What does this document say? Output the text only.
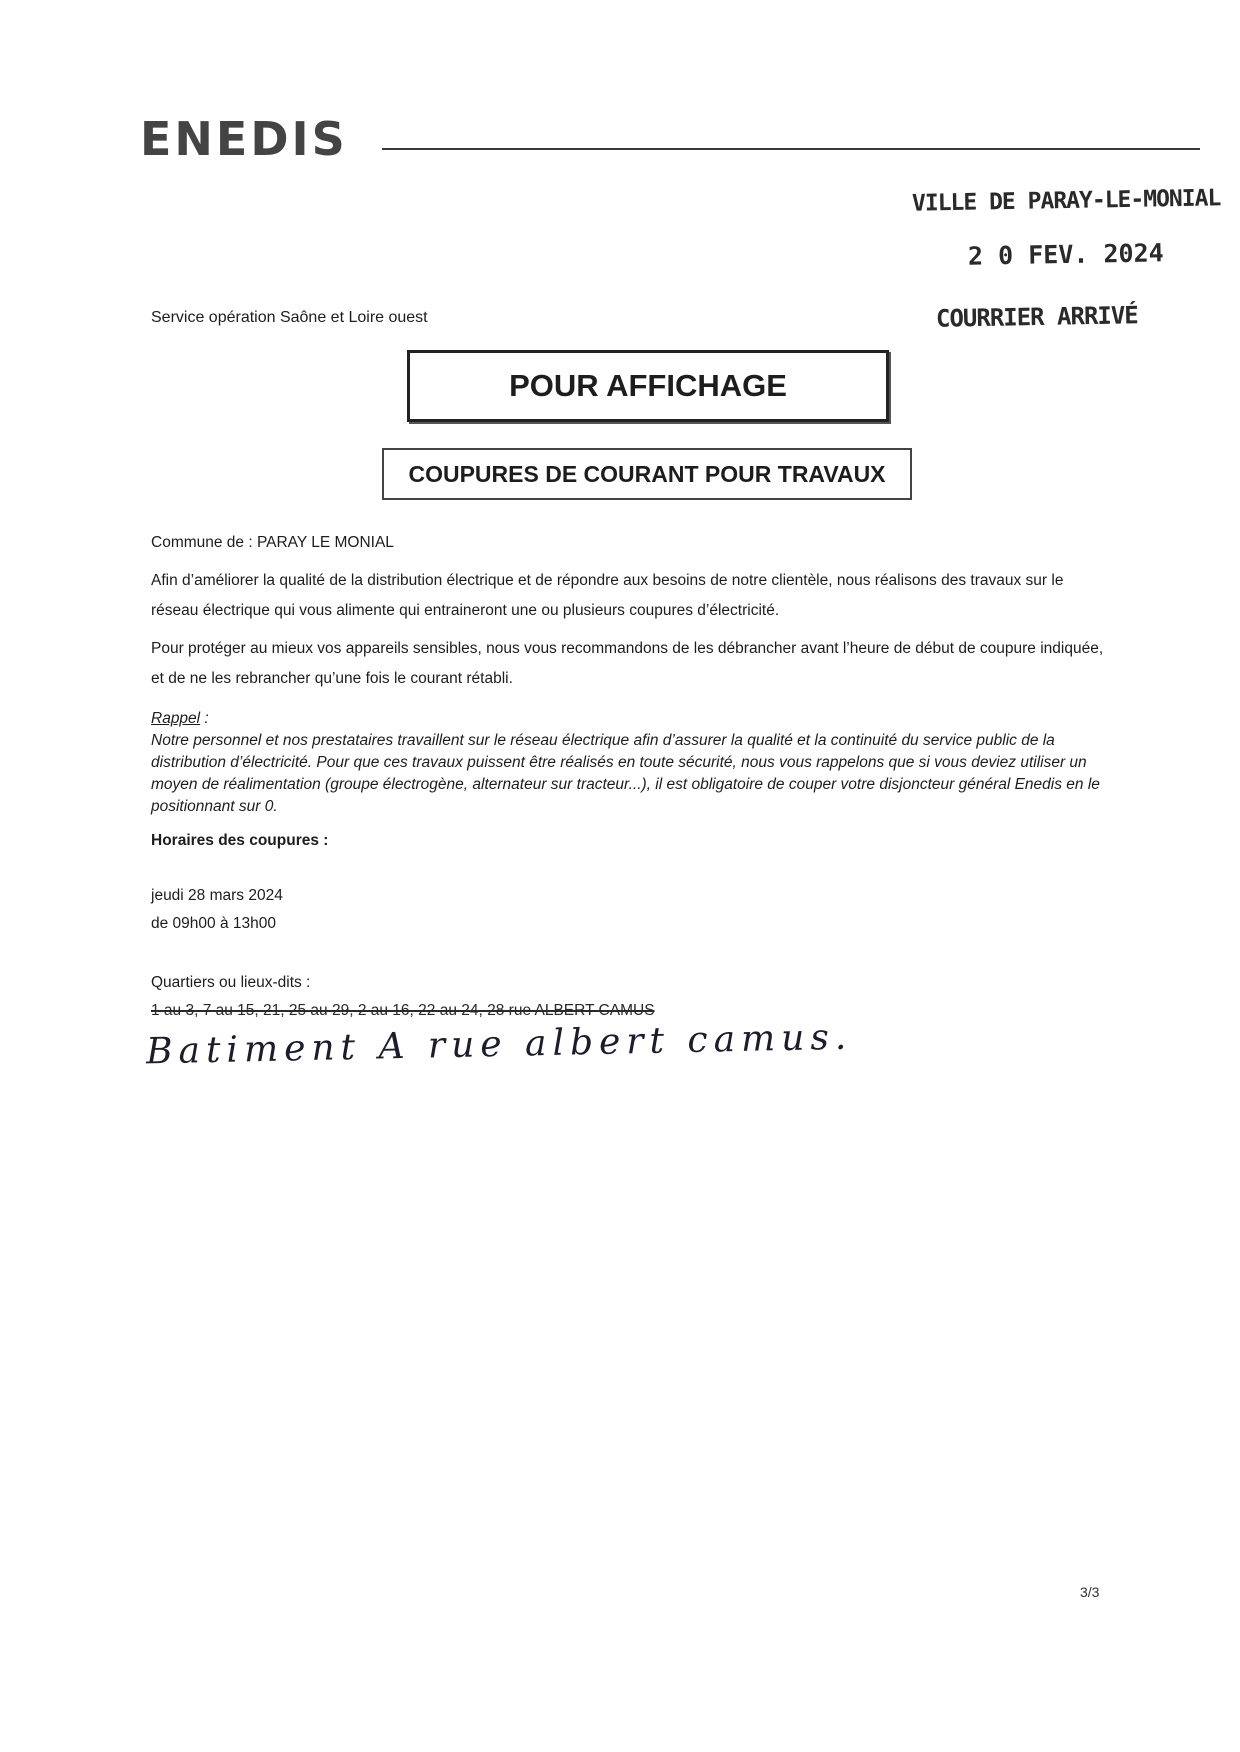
ENEDIS
VILLE DE PARAY-LE-MONIAL
2 0 FEV. 2024
COURRIER ARRIVÉ
Service opération Saône et Loire ouest
POUR AFFICHAGE
COUPURES DE COURANT POUR TRAVAUX
Commune de : PARAY LE MONIAL
Afin d’améliorer la qualité de la distribution électrique et de répondre aux besoins de notre clientèle, nous réalisons des travaux sur le réseau électrique qui vous alimente qui entraineront une ou plusieurs coupures d’électricité.
Pour protéger au mieux vos appareils sensibles, nous vous recommandons de les débrancher avant l’heure de début de coupure indiquée, et de ne les rebrancher qu’une fois le courant rétabli.
Rappel :
Notre personnel et nos prestataires travaillent sur le réseau électrique afin d’assurer la qualité et la continuité du service public de la distribution d’électricité. Pour que ces travaux puissent être réalisés en toute sécurité, nous vous rappelons que si vous deviez utiliser un moyen de réalimentation (groupe électrogène, alternateur sur tracteur...), il est obligatoire de couper votre disjoncteur général Enedis en le positionnant sur 0.
Horaires des coupures :
jeudi 28 mars 2024
de 09h00 à 13h00
Quartiers ou lieux-dits :
1 au 3, 7 au 15, 21, 25 au 29, 2 au 16, 22 au 24, 28 rue ALBERT CAMUS
Batiment A rue albert camus.
3/3
